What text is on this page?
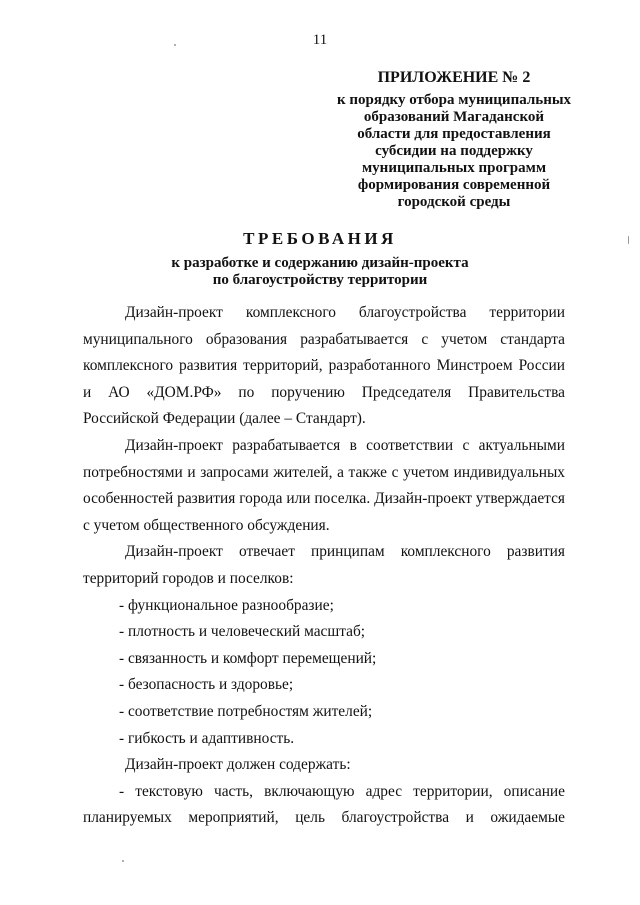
11
ПРИЛОЖЕНИЕ № 2
к порядку отбора муниципальных
образований Магаданской
области для предоставления
субсидии на поддержку
муниципальных программ
формирования современной
городской среды
ТРЕБОВАНИЯ
к разработке и содержанию дизайн-проекта
по благоустройству территории

Дизайн-проект комплексного благоустройства территории муниципального образования разрабатывается с учетом стандарта комплексного развития территорий, разработанного Минстроем России и АО «ДОМ.РФ» по поручению Председателя Правительства Российской Федерации (далее – Стандарт).

Дизайн-проект разрабатывается в соответствии с актуальными потребностями и запросами жителей, а также с учетом индивидуальных особенностей развития города или поселка. Дизайн-проект утверждается с учетом общественного обсуждения.

Дизайн-проект отвечает принципам комплексного развития территорий городов и поселков:

- функциональное разнообразие;

- плотность и человеческий масштаб;

- связанность и комфорт перемещений;

- безопасность и здоровье;

- соответствие потребностям жителей;

- гибкость и адаптивность.

Дизайн-проект должен содержать:

- текстовую часть, включающую адрес территории, описание планируемых мероприятий, цель благоустройства и ожидаемые
